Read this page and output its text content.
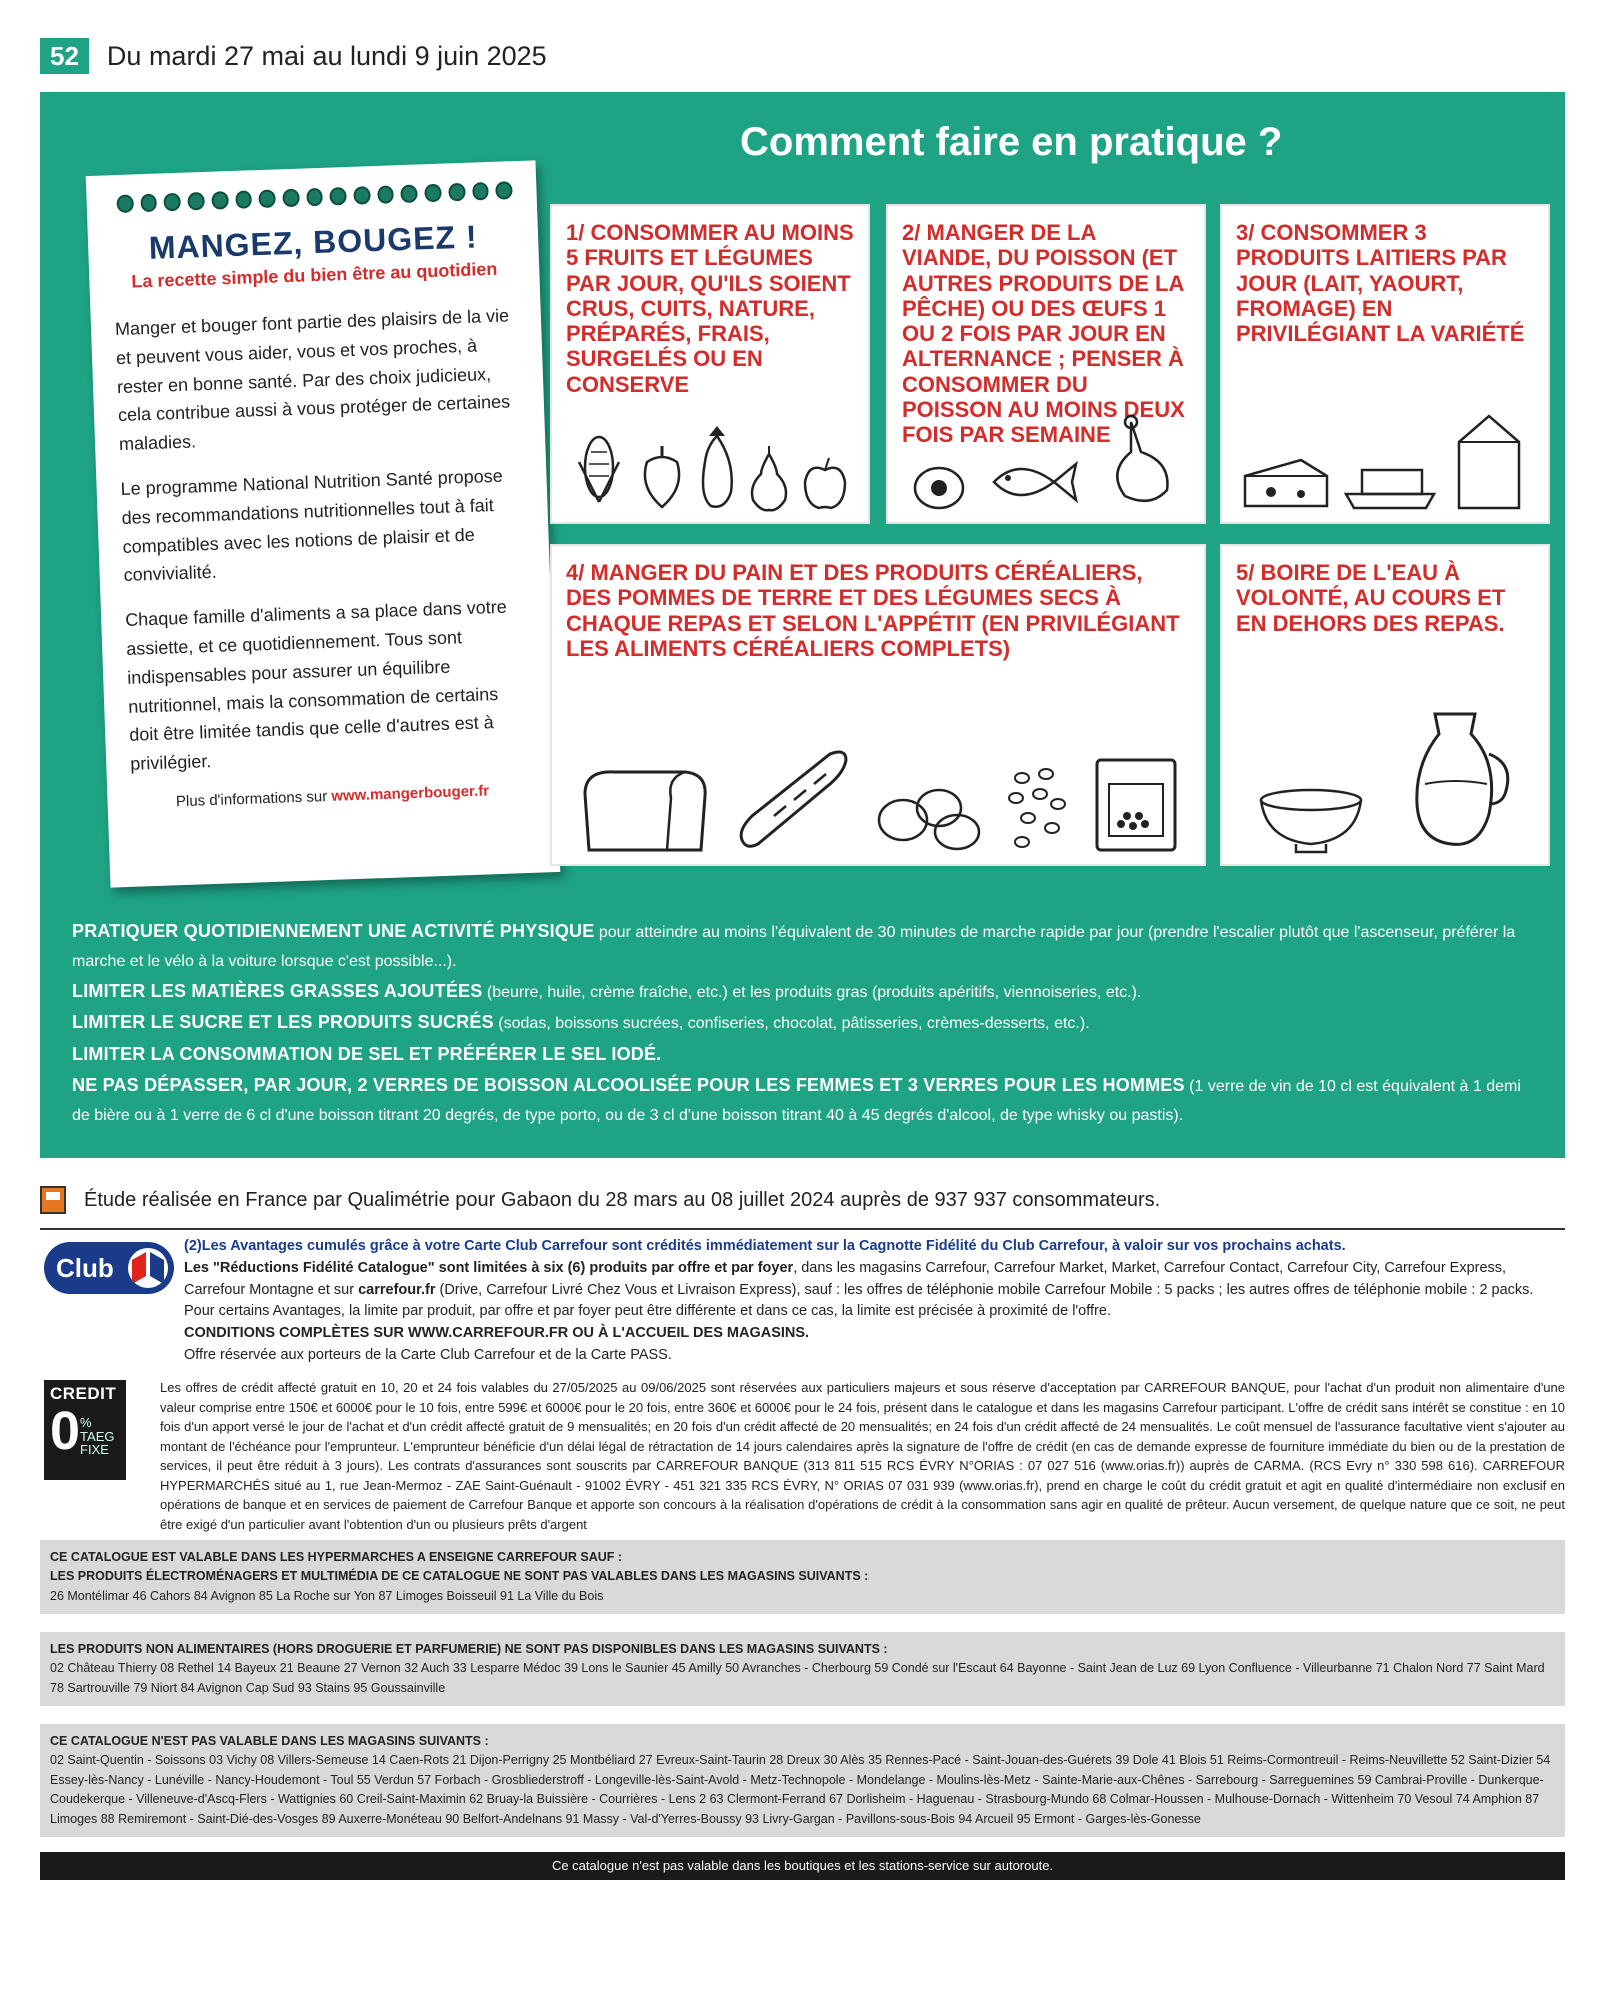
52	Du mardi 27 mai au lundi 9 juin 2025
Comment faire en pratique ?
MANGEZ, BOUGEZ !
La recette simple du bien être au quotidien

Manger et bouger font partie des plaisirs de la vie et peuvent vous aider, vous et vos proches, à rester en bonne santé. Par des choix judicieux, cela contribue aussi à vous protéger de certaines maladies.

Le programme National Nutrition Santé propose des recommandations nutritionnelles tout à fait compatibles avec les notions de plaisir et de convivialité.

Chaque famille d'aliments a sa place dans votre assiette, et ce quotidiennement. Tous sont indispensables pour assurer un équilibre nutritionnel, mais la consommation de certains doit être limitée tandis que celle d'autres est à privilégier.

Plus d'informations sur www.mangerbouger.fr
1/ CONSOMMER AU MOINS 5 FRUITS ET LÉGUMES PAR JOUR, QU'ILS SOIENT CRUS, CUITS, NATURE, PRÉPARÉS, FRAIS, SURGELÉS OU EN CONSERVE
2/ MANGER DE LA VIANDE, DU POISSON (ET AUTRES PRODUITS DE LA PÊCHE) OU DES ŒUFS 1 OU 2 FOIS PAR JOUR EN ALTERNANCE ; PENSER À CONSOMMER DU POISSON AU MOINS DEUX FOIS PAR SEMAINE
3/ CONSOMMER 3 PRODUITS LAITIERS PAR JOUR (LAIT, YAOURT, FROMAGE) EN PRIVILÉGIANT LA VARIÉTÉ
4/ MANGER DU PAIN ET DES PRODUITS CÉRÉALIERS, DES POMMES DE TERRE ET DES LÉGUMES SECS À CHAQUE REPAS ET SELON L'APPÉTIT (EN PRIVILÉGIANT LES ALIMENTS CÉRÉALIERS COMPLETS)
5/ BOIRE DE L'EAU À VOLONTÉ, AU COURS ET EN DEHORS DES REPAS.
PRATIQUER QUOTIDIENNEMENT UNE ACTIVITÉ PHYSIQUE pour atteindre au moins l'équivalent de 30 minutes de marche rapide par jour (prendre l'escalier plutôt que l'ascenseur, préférer la marche et le vélo à la voiture lorsque c'est possible...).
LIMITER LES MATIÈRES GRASSES AJOUTÉES (beurre, huile, crème fraîche, etc.) et les produits gras (produits apéritifs, viennoiseries, etc.).
LIMITER LE SUCRE ET LES PRODUITS SUCRÉS (sodas, boissons sucrées, confiseries, chocolat, pâtisseries, crèmes-desserts, etc.).
LIMITER LA CONSOMMATION DE SEL ET PRÉFÉRER LE SEL IODÉ.
NE PAS DÉPASSER, PAR JOUR, 2 VERRES DE BOISSON ALCOOLISÉE POUR LES FEMMES ET 3 VERRES POUR LES HOMMES (1 verre de vin de 10 cl est équivalent à 1 demi de bière ou à 1 verre de 6 cl d'une boisson titrant 20 degrés, de type porto, ou de 3 cl d'une boisson titrant 40 à 45 degrés d'alcool, de type whisky ou pastis).
Étude réalisée en France par Qualimétrie pour Gabaon du 28 mars au 08 juillet 2024 auprès de 937 937 consommateurs.
Club
(2)Les Avantages cumulés grâce à votre Carte Club Carrefour sont crédités immédiatement sur la Cagnotte Fidélité du Club Carrefour, à valoir sur vos prochains achats.
Les "Réductions Fidélité Catalogue" sont limitées à six (6) produits par offre et par foyer, dans les magasins Carrefour, Carrefour Market, Market, Carrefour Contact, Carrefour City, Carrefour Express, Carrefour Montagne et sur carrefour.fr (Drive, Carrefour Livré Chez Vous et Livraison Express), sauf : les offres de téléphonie mobile Carrefour Mobile : 5 packs ; les autres offres de téléphonie mobile : 2 packs.
Pour certains Avantages, la limite par produit, par offre et par foyer peut être différente et dans ce cas, la limite est précisée à proximité de l'offre.
CONDITIONS COMPLÈTES SUR WWW.CARREFOUR.FR OU À L'ACCUEIL DES MAGASINS.
Offre réservée aux porteurs de la Carte Club Carrefour et de la Carte PASS.
CREDIT
0%
TAEG
FIXE
Les offres de crédit affecté gratuit en 10, 20 et 24 fois valables du 27/05/2025 au 09/06/2025 sont réservées aux particuliers majeurs et sous réserve d'acceptation par CARREFOUR BANQUE, pour l'achat d'un produit non alimentaire d'une valeur comprise entre 150€ et 6000€ pour le 10 fois, entre 599€ et 6000€ pour le 20 fois, entre 360€ et 6000€ pour le 24 fois, présent dans le catalogue et dans les magasins Carrefour participant. L'offre de crédit sans intérêt se constitue : en 10 fois d'un apport versé le jour de l'achat et d'un crédit affecté gratuit de 9 mensualités; en 20 fois d'un crédit affecté de 20 mensualités; en 24 fois d'un crédit affecté de 24 mensualités. Le coût mensuel de l'assurance facultative vient s'ajouter au montant de l'échéance pour l'emprunteur. L'emprunteur bénéficie d'un délai légal de rétractation de 14 jours calendaires après la signature de l'offre de crédit (en cas de demande expresse de fourniture immédiate du bien ou de la prestation de services, il peut être réduit à 3 jours). Les contrats d'assurances sont souscrits par CARREFOUR BANQUE (313 811 515 RCS ÉVRY N°ORIAS : 07 027 516 (www.orias.fr)) auprès de CARMA. (RCS Evry n° 330 598 616). CARREFOUR HYPERMARCHÉS situé au 1, rue Jean-Mermoz - ZAE Saint-Guénault - 91002 ÉVRY - 451 321 335 RCS ÉVRY, N° ORIAS 07 031 939 (www.orias.fr), prend en charge le coût du crédit gratuit et agit en qualité d'intermédiaire non exclusif en opérations de banque et en services de paiement de Carrefour Banque et apporte son concours à la réalisation d'opérations de crédit à la consommation sans agir en qualité de prêteur. Aucun versement, de quelque nature que ce soit, ne peut être exigé d'un particulier avant l'obtention d'un ou plusieurs prêts d'argent
CE CATALOGUE EST VALABLE DANS LES HYPERMARCHES A ENSEIGNE CARREFOUR SAUF :
LES PRODUITS ÉLECTROMÉNAGERS ET MULTIMÉDIA DE CE CATALOGUE NE SONT PAS VALABLES DANS LES MAGASINS SUIVANTS :
26 Montélimar 46 Cahors 84 Avignon 85 La Roche sur Yon 87 Limoges Boisseuil 91 La Ville du Bois
LES PRODUITS NON ALIMENTAIRES (HORS DROGUERIE ET PARFUMERIE) NE SONT PAS DISPONIBLES DANS LES MAGASINS SUIVANTS :
02 Château Thierry 08 Rethel 14 Bayeux 21 Beaune 27 Vernon 32 Auch 33 Lesparre Médoc 39 Lons le Saunier 45 Amilly 50 Avranches - Cherbourg 59 Condé sur l'Escaut 64 Bayonne - Saint Jean de Luz 69 Lyon Confluence - Villeurbanne 71 Chalon Nord 77 Saint Mard 78 Sartrouville 79 Niort 84 Avignon Cap Sud 93 Stains 95 Goussainville
CE CATALOGUE N'EST PAS VALABLE DANS LES MAGASINS SUIVANTS :
02 Saint-Quentin - Soissons 03 Vichy 08 Villers-Semeuse 14 Caen-Rots 21 Dijon-Perrigny 25 Montbéliard 27 Evreux-Saint-Taurin 28 Dreux 30 Alès 35 Rennes-Pacé - Saint-Jouan-des-Guérets 39 Dole 41 Blois 51 Reims-Cormontreuil - Reims-Neuvillette 52 Saint-Dizier 54 Essey-lès-Nancy - Lunéville - Nancy-Houdemont - Toul 55 Verdun 57 Forbach - Grosbliederstroff - Longeville-lès-Saint-Avold - Metz-Technopole - Mondelange - Moulins-lès-Metz - Sainte-Marie-aux-Chênes - Sarrebourg - Sarreguemines 59 Cambrai-Proville - Dunkerque-Coudekerque - Villeneuve-d'Ascq-Flers - Wattignies 60 Creil-Saint-Maximin 62 Bruay-la Buissière - Courrières - Lens 2 63 Clermont-Ferrand 67 Dorlisheim - Haguenau - Strasbourg-Mundo 68 Colmar-Houssen - Mulhouse-Dornach - Wittenheim 70 Vesoul 74 Amphion 87 Limoges 88 Remiremont - Saint-Dié-des-Vosges 89 Auxerre-Monéteau 90 Belfort-Andelnans 91 Massy - Val-d'Yerres-Boussy 93 Livry-Gargan - Pavillons-sous-Bois 94 Arcueil 95 Ermont - Garges-lès-Gonesse
Ce catalogue n'est pas valable dans les boutiques et les stations-service sur autoroute.
